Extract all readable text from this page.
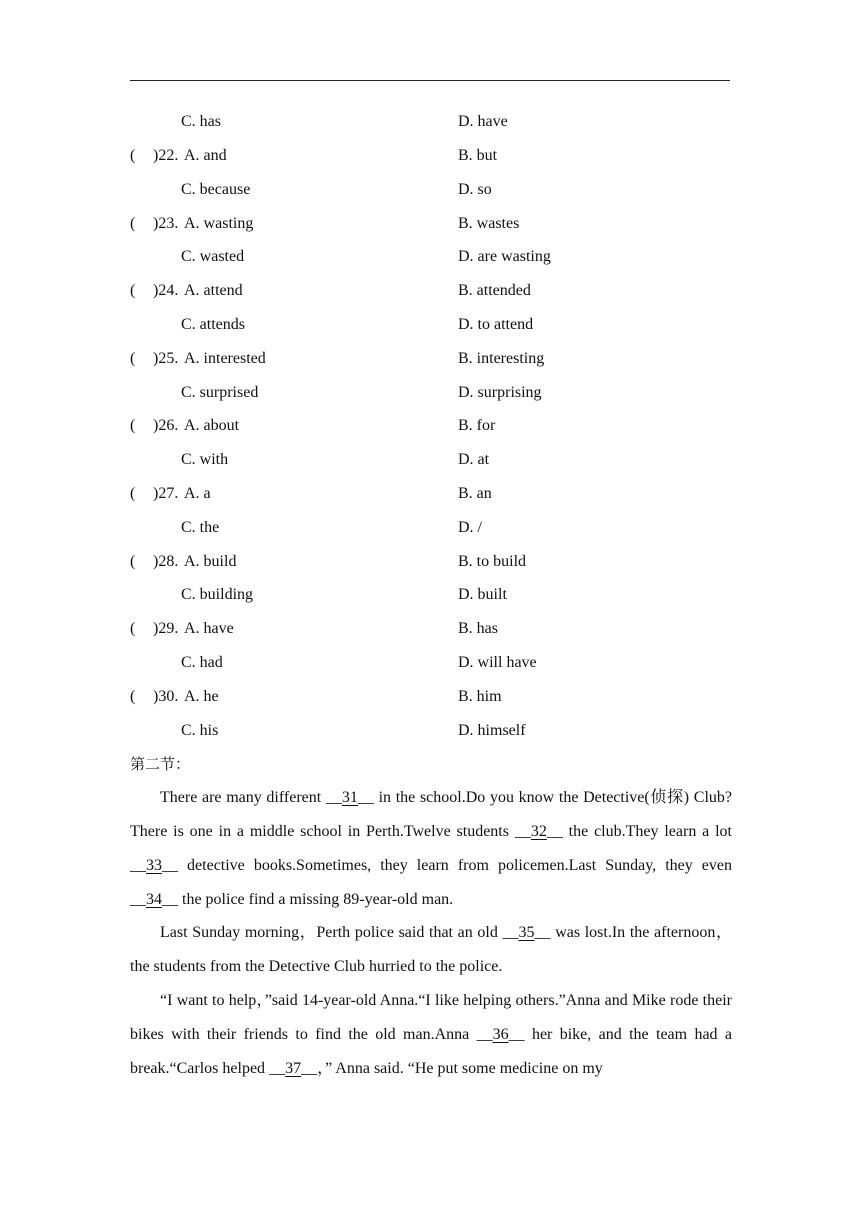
C. has	D. have
( )22. A. and	B. but
C. because	D. so
( )23. A. wasting	B. wastes
C. wasted	D. are wasting
( )24. A. attend	B. attended
C. attends	D. to attend
( )25. A. interested	B. interesting
C. surprised	D. surprising
( )26. A. about	B. for
C. with	D. at
( )27. A. a	B. an
C. the	D. /
( )28. A. build	B. to build
C. building	D. built
( )29. A. have	B. has
C. had	D. will have
( )30. A. he	B. him
C. his	D. himself
第二节：

There are many different __31__ in the school.Do you know the Detective(侦探) Club? There is one in a middle school in Perth.Twelve students __32__ the club.They learn a lot __33__ detective books.Sometimes, they learn from policemen.Last Sunday, they even __34__ the police find a missing 89-year-old man.

Last Sunday morning，Perth police said that an old __35__ was lost.In the afternoon，the students from the Detective Club hurried to the police.

“I want to help，”said 14-year-old Anna.“I like helping others.”Anna and Mike rode their bikes with their friends to find the old man.Anna __36__ her bike, and the team had a break.“Carlos helped __37__，” Anna said. “He put some medicine on my
